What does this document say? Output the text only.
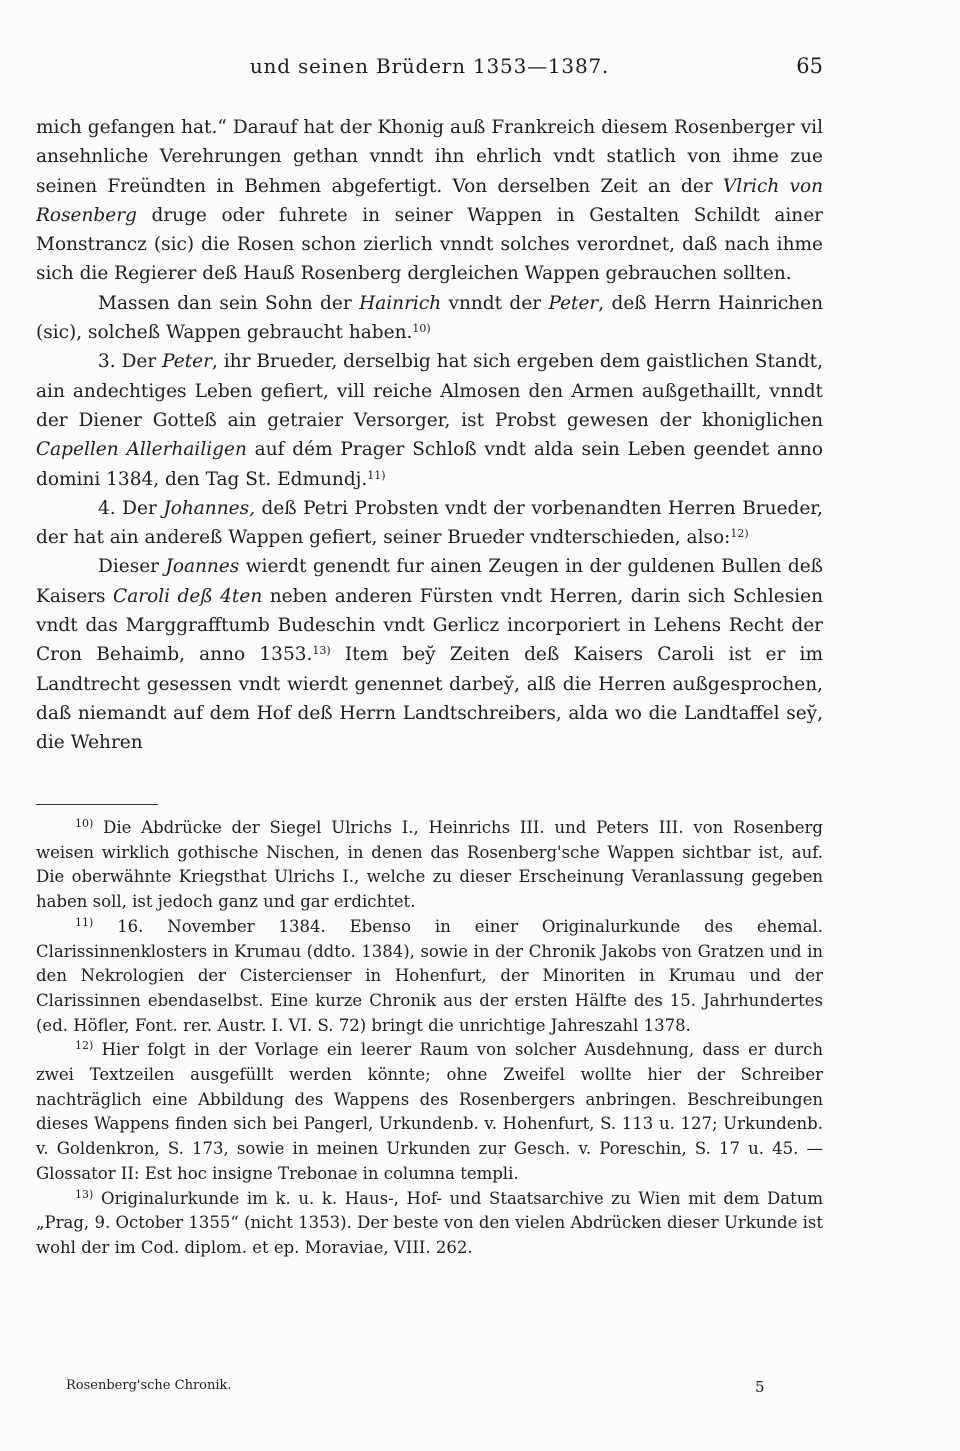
und seinen Brüdern 1353—1387.	65

mich gefangen hat.“ Darauf hat der Khonig auß Frankreich diesem Rosenberger vil ansehnliche Verehrungen gethan vnndt ihn ehrlich vndt statlich von ihme zue seinen Freündten in Behmen abgefertigt. Von derselben Zeit an der Vlrich von Rosenberg druge oder fuhrete in seiner Wappen in Gestalten Schildt ainer Monstrancz (sic) die Rosen schon zierlich vnndt solches verordnet, daß nach ihme sich die Regierer deß Hauß Rosenberg dergleichen Wappen gebrauchen sollten.

Massen dan sein Sohn der Hainrich vnndt der Peter, deß Herrn Hainrichen (sic), solcheß Wappen gebraucht haben.$^{10)}$

3. Der Peter, ihr Brueder, derselbig hat sich ergeben dem gaistlichen Standt, ain andechtiges Leben gefiert, vill reiche Almosen den Armen außgethaillt, vnndt der Diener Gotteß ain getraier Versorger, ist Probst gewesen der khoniglichen Capellen Allerhailigen auf dém Prager Schloß vndt alda sein Leben geendet anno domini 1384, den Tag St. Edmundj.$^{11)}$

4. Der Johannes, deß Petri Probsten vndt der vorbenandten Herren Brueder, der hat ain andereß Wappen gefiert, seiner Brueder vndterschieden, also:$^{12)}$

Dieser Joannes wierdt genendt fur ainen Zeugen in der guldenen Bullen deß Kaisers Caroli deß 4ten neben anderen Fürsten vndt Herren, darin sich Schlesien vndt das Marggrafftumb Budeschin vndt Gerlicz incorporiert in Lehens Recht der Cron Behaimb, anno 1353.$^{13)}$ Item bey̆ Zeiten deß Kaisers Caroli ist er im Landtrecht gesessen vndt wierdt genennet darbey̆, alß die Herren außgesprochen, daß niemandt auf dem Hof deß Herrn Landtschreibers, alda wo die Landtaffel sey̆, die Wehren

$^{10)}$ Die Abdrücke der Siegel Ulrichs I., Heinrichs III. und Peters III. von Rosenberg weisen wirklich gothische Nischen, in denen das Rosenberg'sche Wappen sichtbar ist, auf. Die oberwähnte Kriegsthat Ulrichs I., welche zu dieser Erscheinung Veranlassung gegeben haben soll, ist jedoch ganz und gar erdichtet.

$^{11)}$ 16. November 1384. Ebenso in einer Originalurkunde des ehemal. Clarissinnenklosters in Krumau (ddto. 1384), sowie in der Chronik Jakobs von Gratzen und in den Nekrologien der Cistercienser in Hohenfurt, der Minoriten in Krumau und der Clarissinnen ebendaselbst. Eine kurze Chronik aus der ersten Hälfte des 15. Jahrhundertes (ed. Höfler, Font. rer. Austr. I. VI. S. 72) bringt die unrichtige Jahreszahl 1378.

$^{12)}$ Hier folgt in der Vorlage ein leerer Raum von solcher Ausdehnung, dass er durch zwei Textzeilen ausgefüllt werden könnte; ohne Zweifel wollte hier der Schreiber nachträglich eine Abbildung des Wappens des Rosenbergers anbringen. Beschreibungen dieses Wappens finden sich bei Pangerl, Urkundenb. v. Hohenfurt, S. 113 u. 127; Urkundenb. v. Goldenkron, S. 173, sowie in meinen Urkunden zur Gesch. v. Poreschin, S. 17 u. 45. — Glossator II: Est hoc insigne Trebonae in columna templi.

$^{13)}$ Originalurkunde im k. u. k. Haus-, Hof- und Staatsarchive zu Wien mit dem Datum „Prag, 9. October 1355“ (nicht 1353). Der beste von den vielen Abdrücken dieser Urkunde ist wohl der im Cod. diplom. et ep. Moraviae, VIII. 262.

Rosenberg'sche Chronik.	5
